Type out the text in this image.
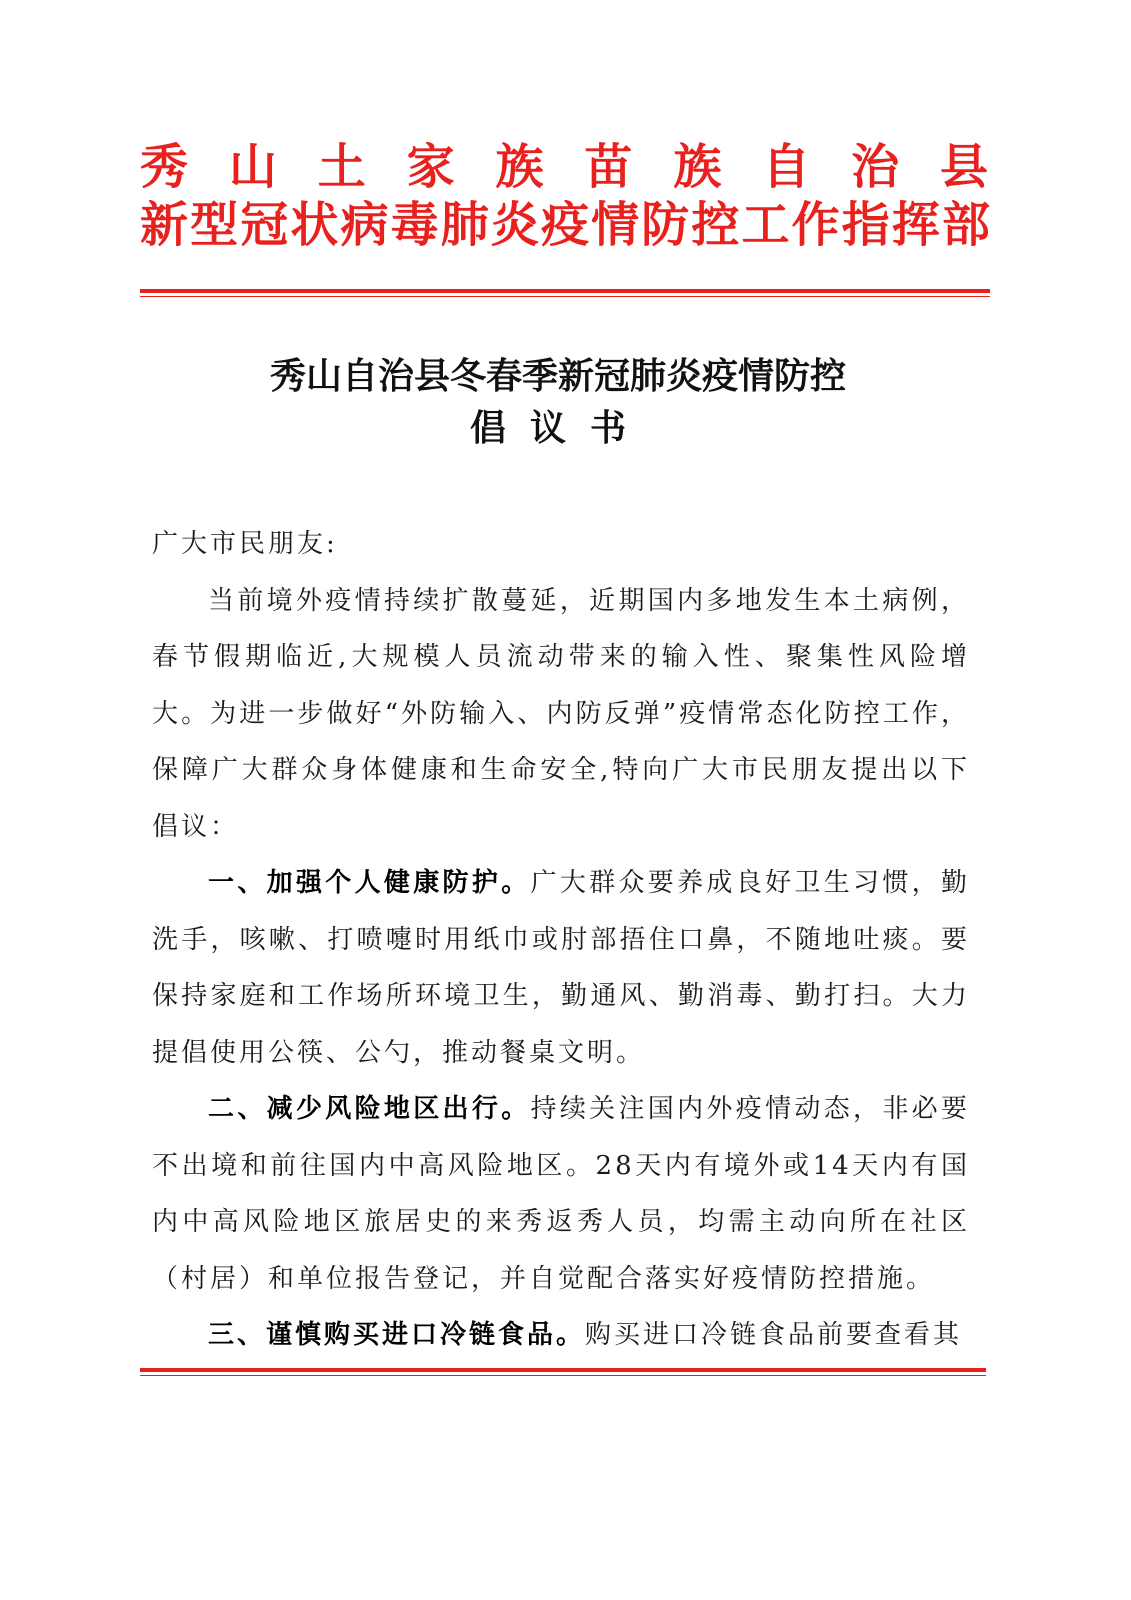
秀山土家族苗族自治县
新型冠状病毒肺炎疫情防控工作指挥部
秀山自治县冬春季新冠肺炎疫情防控
倡议书

广大市民朋友:

当前境外疫情持续扩散蔓延，近期国内多地发生本土病例，春节假期临近,大规模人员流动带来的输入性、聚集性风险增大。为进一步做好“外防输入、内防反弹”疫情常态化防控工作，保障广大群众身体健康和生命安全,特向广大市民朋友提出以下倡议：

一、加强个人健康防护。广大群众要养成良好卫生习惯，勤洗手，咳嗽、打喷嚏时用纸巾或肘部捂住口鼻，不随地吐痰。要保持家庭和工作场所环境卫生，勤通风、勤消毒、勤打扫。大力提倡使用公筷、公勺，推动餐桌文明。

二、减少风险地区出行。持续关注国内外疫情动态，非必要不出境和前往国内中高风险地区。28天内有境外或14天内有国内中高风险地区旅居史的来秀返秀人员，均需主动向所在社区（村居）和单位报告登记，并自觉配合落实好疫情防控措施。

三、谨慎购买进口冷链食品。购买进口冷链食品前要查看其
